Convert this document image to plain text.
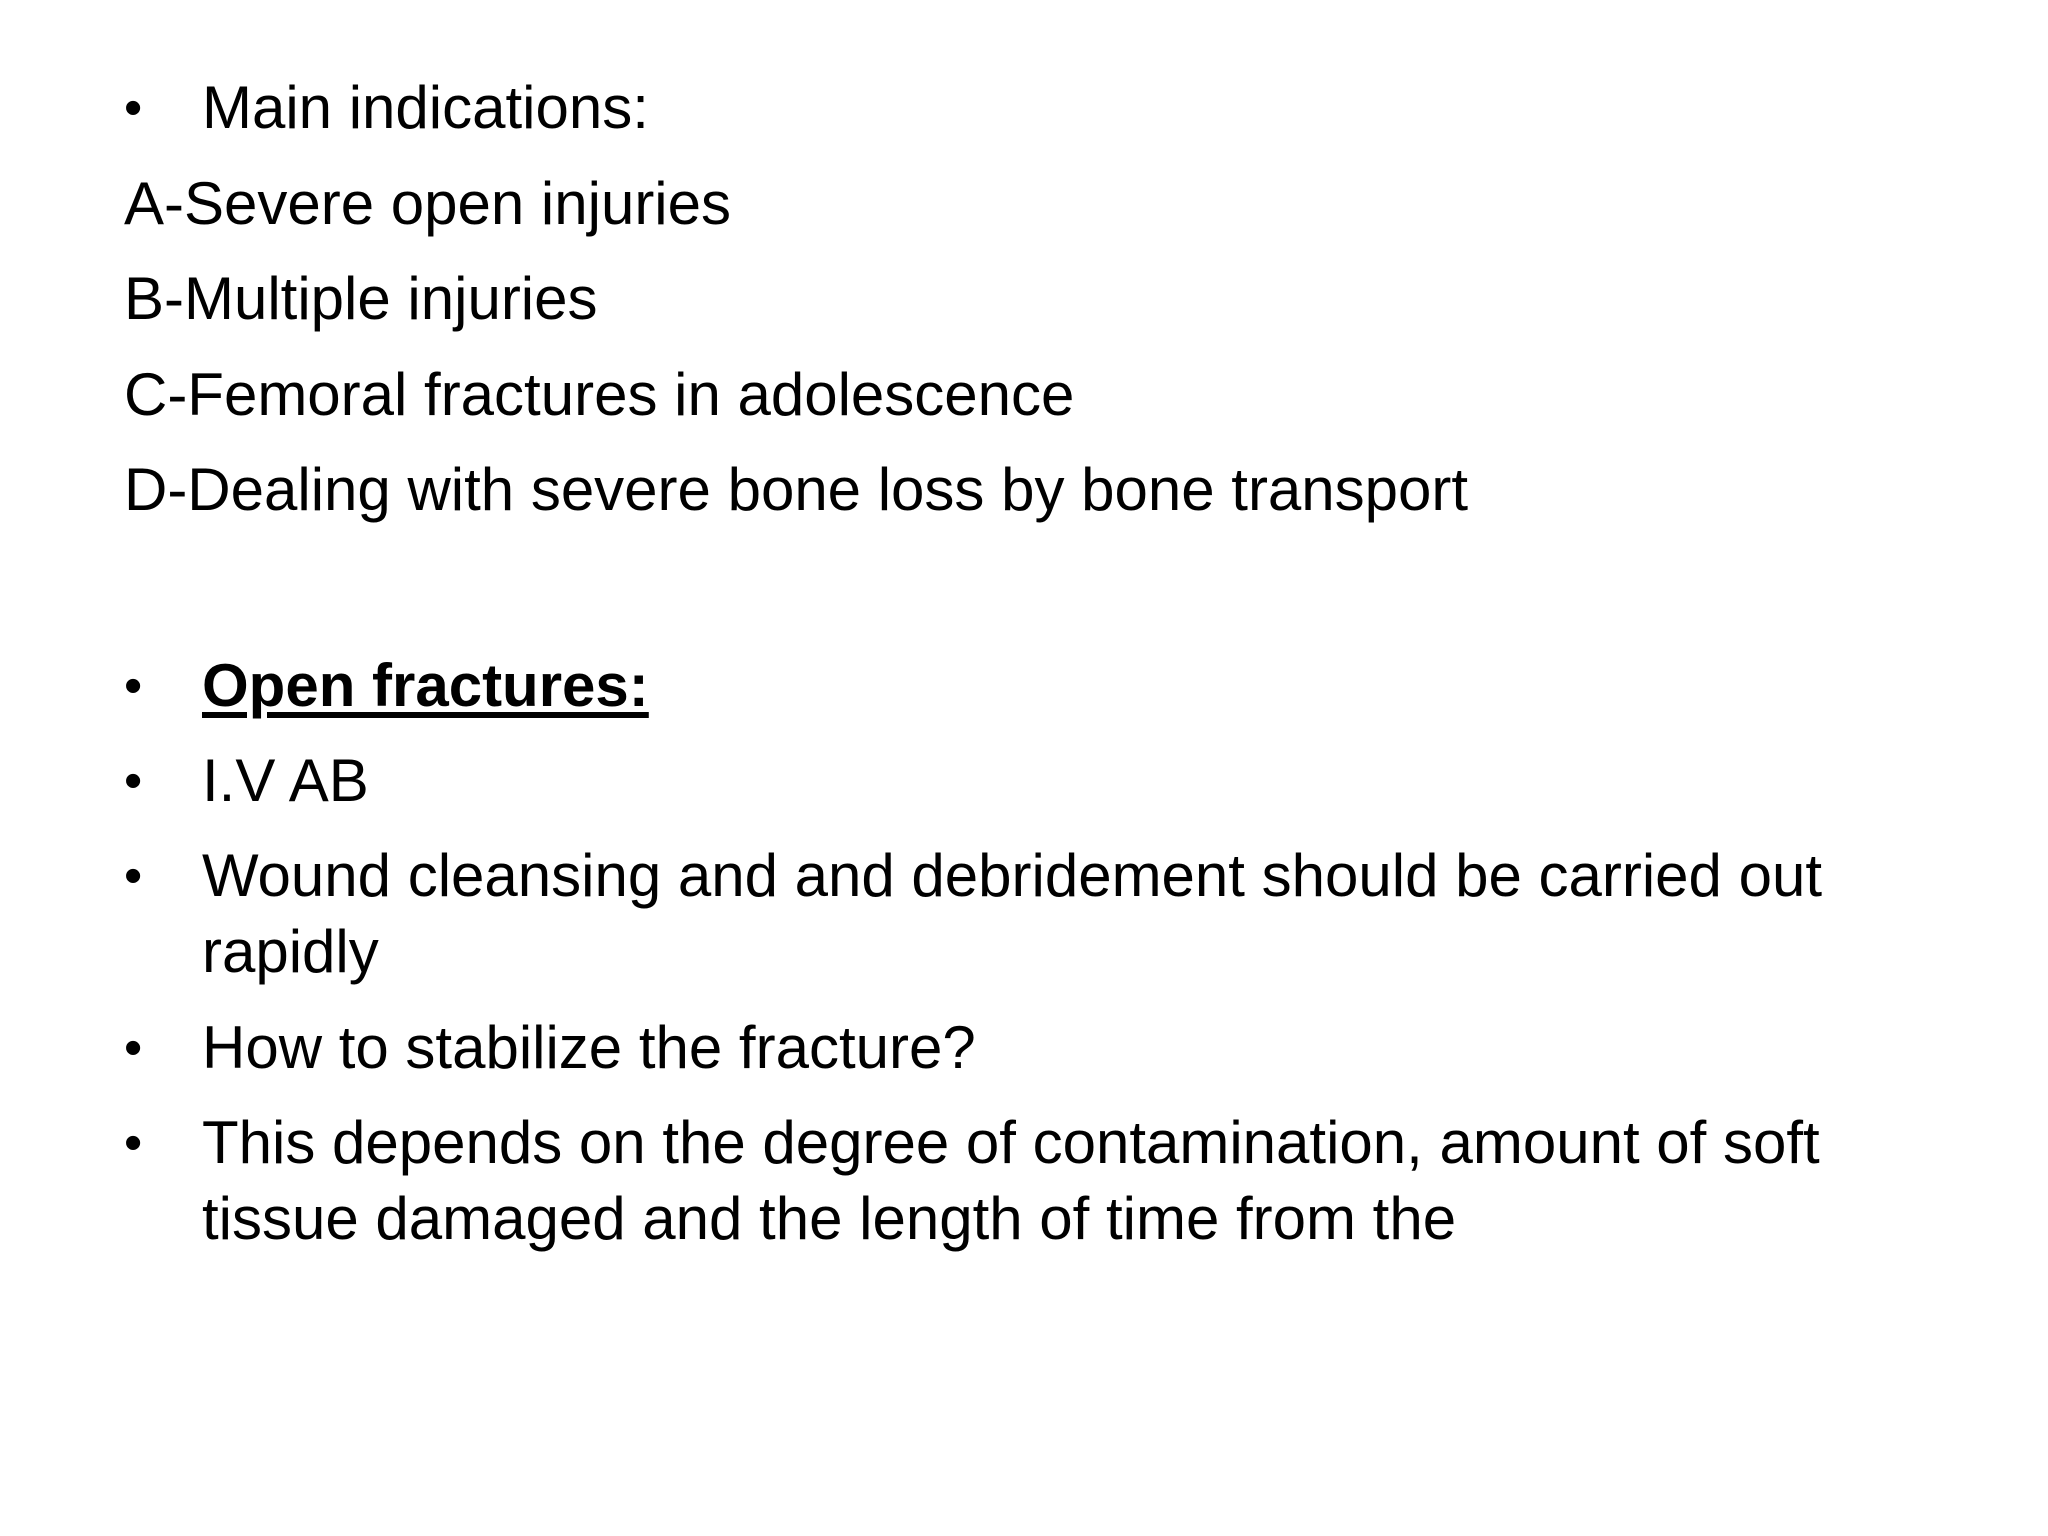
• Main indications:
A-Severe open injuries
B-Multiple injuries
C-Femoral fractures in adolescence
D-Dealing with severe bone loss by bone transport
• Open fractures:
• I.V AB
• Wound cleansing and and debridement should be carried out rapidly
• How to stabilize the fracture?
• This depends on the degree of contamination, amount of soft tissue damaged and the length of time from the
